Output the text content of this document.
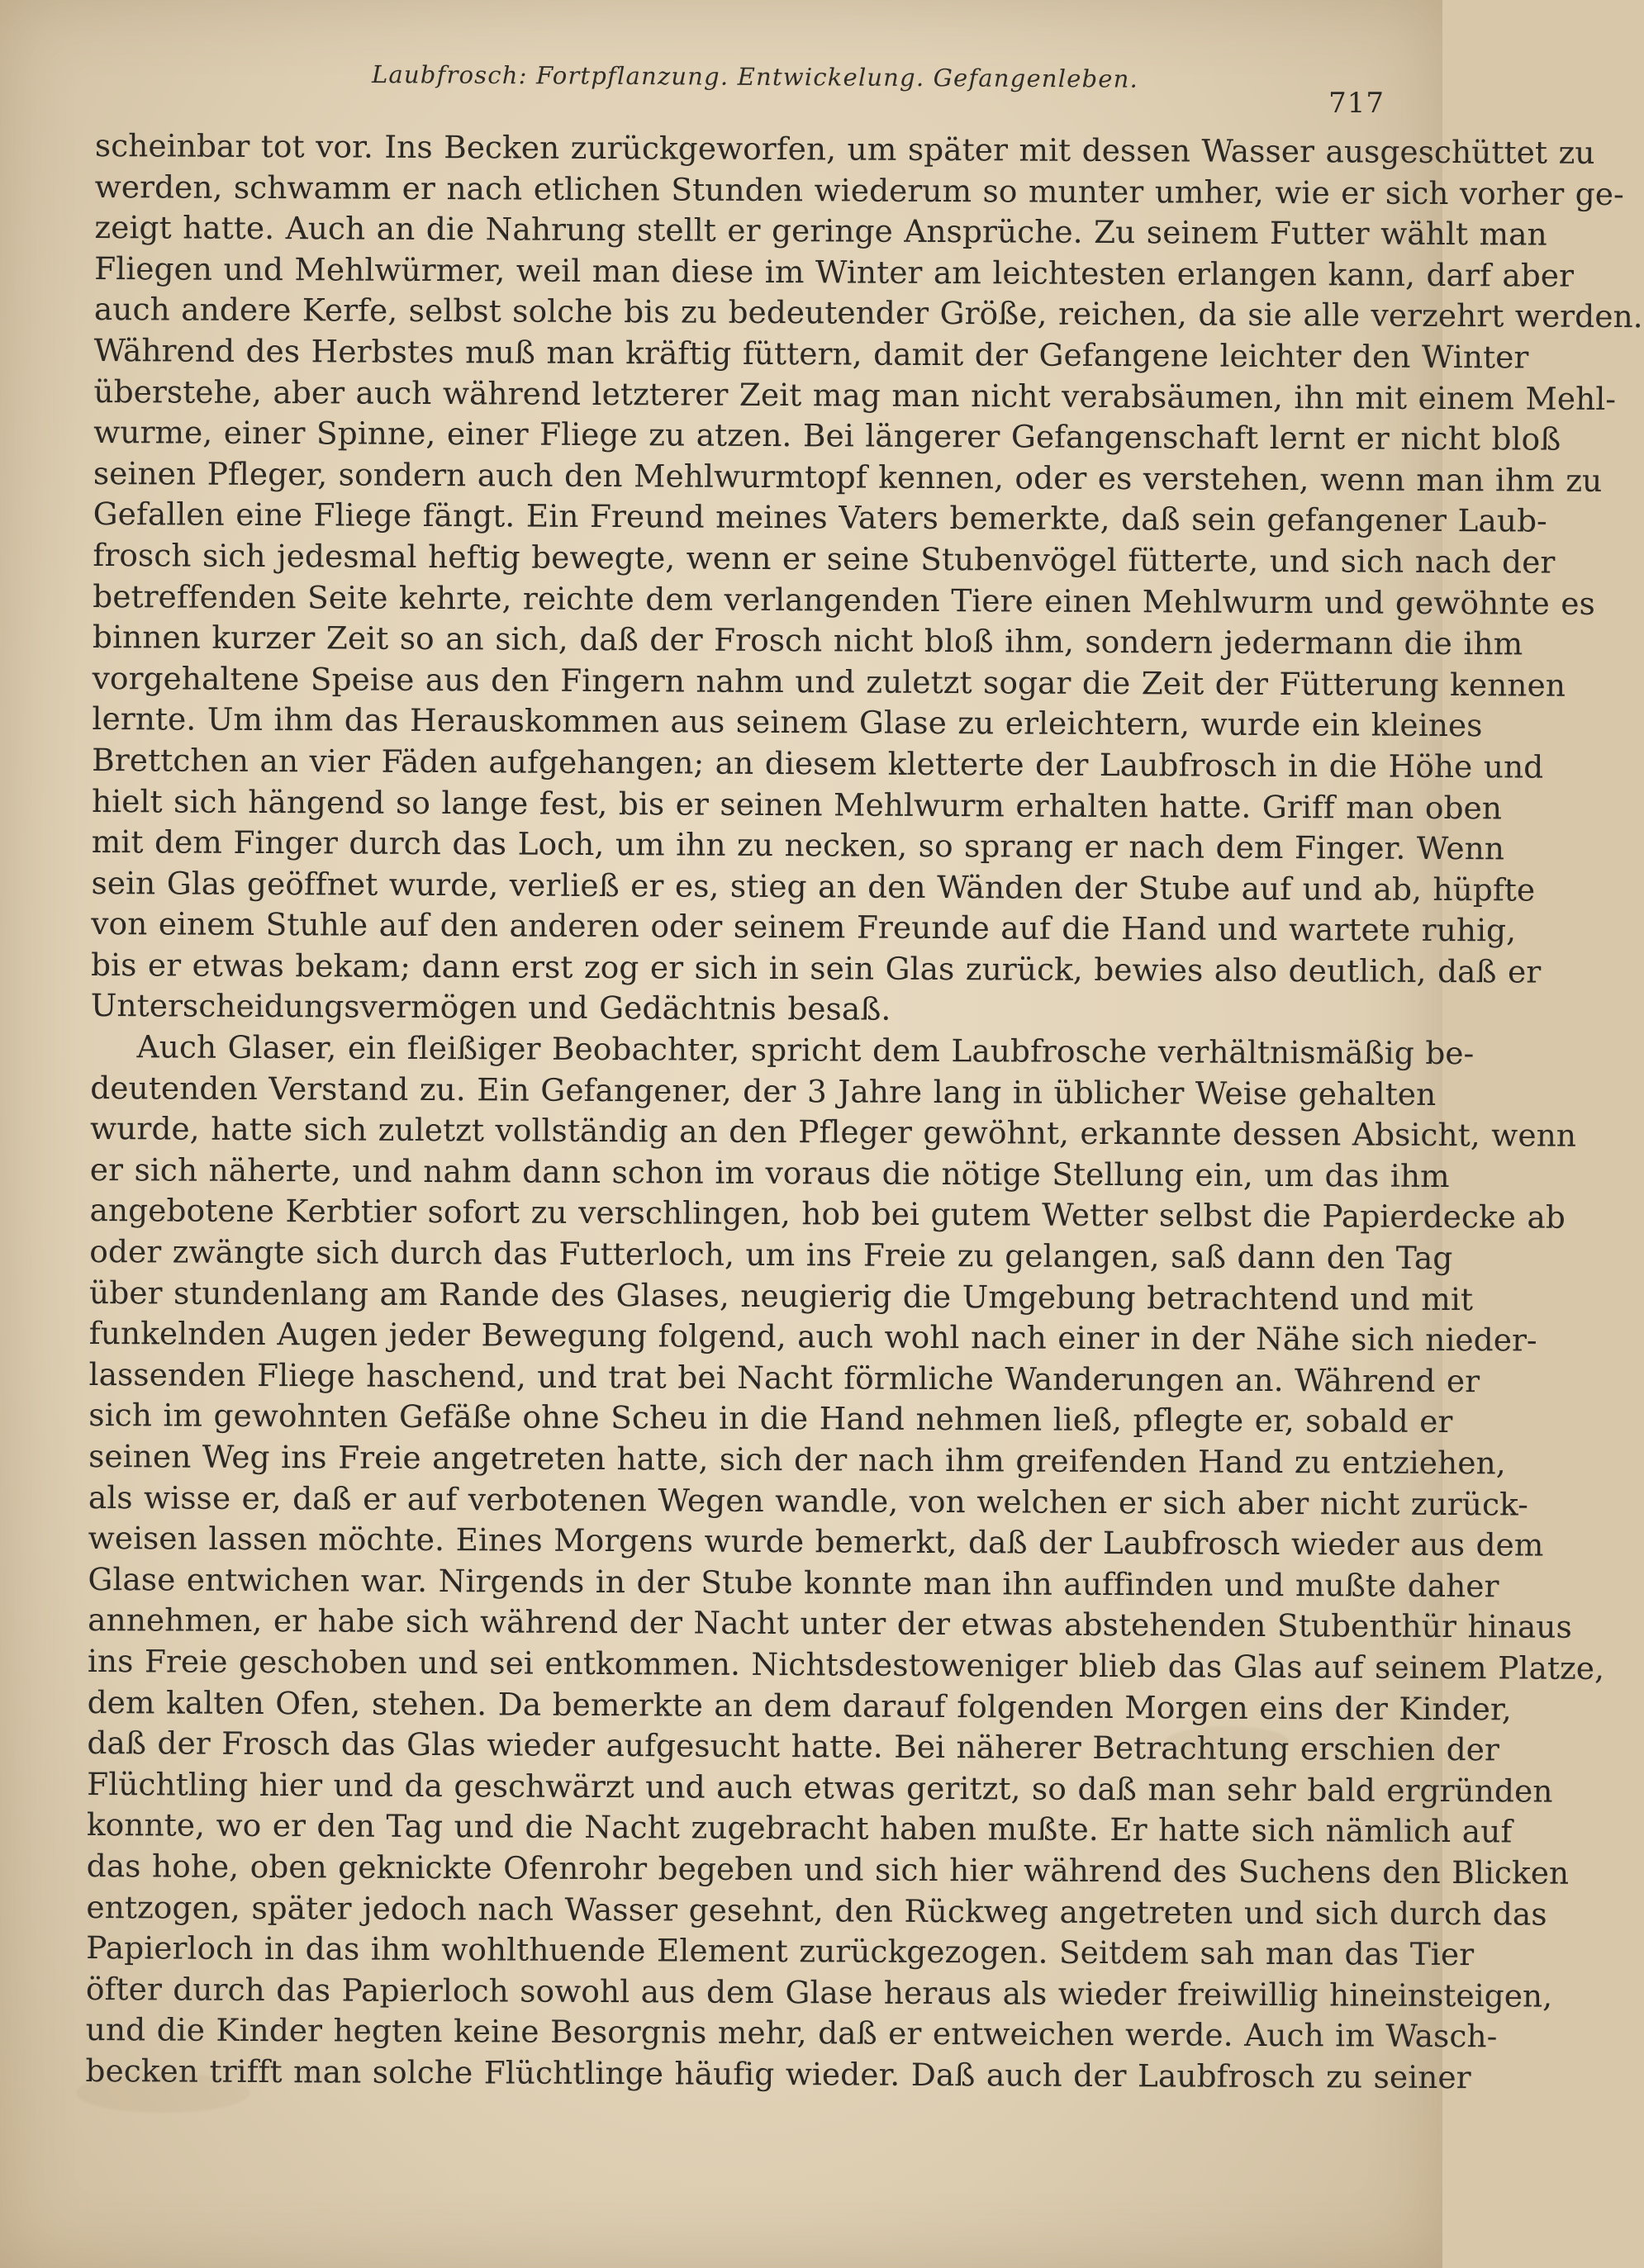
Laubfrosch: Fortpflanzung. Entwickelung. Gefangenleben.
717
scheinbar tot vor. Ins Becken zurückgeworfen, um später mit dessen Wasser ausgeschüttet zu
werden, schwamm er nach etlichen Stunden wiederum so munter umher, wie er sich vorher ge-
zeigt hatte. Auch an die Nahrung stellt er geringe Ansprüche. Zu seinem Futter wählt man
Fliegen und Mehlwürmer, weil man diese im Winter am leichtesten erlangen kann, darf aber
auch andere Kerfe, selbst solche bis zu bedeutender Größe, reichen, da sie alle verzehrt werden.
Während des Herbstes muß man kräftig füttern, damit der Gefangene leichter den Winter
überstehe, aber auch während letzterer Zeit mag man nicht verabsäumen, ihn mit einem Mehl-
wurme, einer Spinne, einer Fliege zu atzen. Bei längerer Gefangenschaft lernt er nicht bloß
seinen Pfleger, sondern auch den Mehlwurmtopf kennen, oder es verstehen, wenn man ihm zu
Gefallen eine Fliege fängt. Ein Freund meines Vaters bemerkte, daß sein gefangener Laub-
frosch sich jedesmal heftig bewegte, wenn er seine Stubenvögel fütterte, und sich nach der
betreffenden Seite kehrte, reichte dem verlangenden Tiere einen Mehlwurm und gewöhnte es
binnen kurzer Zeit so an sich, daß der Frosch nicht bloß ihm, sondern jedermann die ihm
vorgehaltene Speise aus den Fingern nahm und zuletzt sogar die Zeit der Fütterung kennen
lernte. Um ihm das Herauskommen aus seinem Glase zu erleichtern, wurde ein kleines
Brettchen an vier Fäden aufgehangen; an diesem kletterte der Laubfrosch in die Höhe und
hielt sich hängend so lange fest, bis er seinen Mehlwurm erhalten hatte. Griff man oben
mit dem Finger durch das Loch, um ihn zu necken, so sprang er nach dem Finger. Wenn
sein Glas geöffnet wurde, verließ er es, stieg an den Wänden der Stube auf und ab, hüpfte
von einem Stuhle auf den anderen oder seinem Freunde auf die Hand und wartete ruhig,
bis er etwas bekam; dann erst zog er sich in sein Glas zurück, bewies also deutlich, daß er
Unterscheidungsvermögen und Gedächtnis besaß.
Auch Glaser, ein fleißiger Beobachter, spricht dem Laubfrosche verhältnismäßig be-
deutenden Verstand zu. Ein Gefangener, der 3 Jahre lang in üblicher Weise gehalten
wurde, hatte sich zuletzt vollständig an den Pfleger gewöhnt, erkannte dessen Absicht, wenn
er sich näherte, und nahm dann schon im voraus die nötige Stellung ein, um das ihm
angebotene Kerbtier sofort zu verschlingen, hob bei gutem Wetter selbst die Papierdecke ab
oder zwängte sich durch das Futterloch, um ins Freie zu gelangen, saß dann den Tag
über stundenlang am Rande des Glases, neugierig die Umgebung betrachtend und mit
funkelnden Augen jeder Bewegung folgend, auch wohl nach einer in der Nähe sich nieder-
lassenden Fliege haschend, und trat bei Nacht förmliche Wanderungen an. Während er
sich im gewohnten Gefäße ohne Scheu in die Hand nehmen ließ, pflegte er, sobald er
seinen Weg ins Freie angetreten hatte, sich der nach ihm greifenden Hand zu entziehen,
als wisse er, daß er auf verbotenen Wegen wandle, von welchen er sich aber nicht zurück-
weisen lassen möchte. Eines Morgens wurde bemerkt, daß der Laubfrosch wieder aus dem
Glase entwichen war. Nirgends in der Stube konnte man ihn auffinden und mußte daher
annehmen, er habe sich während der Nacht unter der etwas abstehenden Stubenthür hinaus
ins Freie geschoben und sei entkommen. Nichtsdestoweniger blieb das Glas auf seinem Platze,
dem kalten Ofen, stehen. Da bemerkte an dem darauf folgenden Morgen eins der Kinder,
daß der Frosch das Glas wieder aufgesucht hatte. Bei näherer Betrachtung erschien der
Flüchtling hier und da geschwärzt und auch etwas geritzt, so daß man sehr bald ergründen
konnte, wo er den Tag und die Nacht zugebracht haben mußte. Er hatte sich nämlich auf
das hohe, oben geknickte Ofenrohr begeben und sich hier während des Suchens den Blicken
entzogen, später jedoch nach Wasser gesehnt, den Rückweg angetreten und sich durch das
Papierloch in das ihm wohlthuende Element zurückgezogen. Seitdem sah man das Tier
öfter durch das Papierloch sowohl aus dem Glase heraus als wieder freiwillig hineinsteigen,
und die Kinder hegten keine Besorgnis mehr, daß er entweichen werde. Auch im Wasch-
becken trifft man solche Flüchtlinge häufig wieder. Daß auch der Laubfrosch zu seiner
